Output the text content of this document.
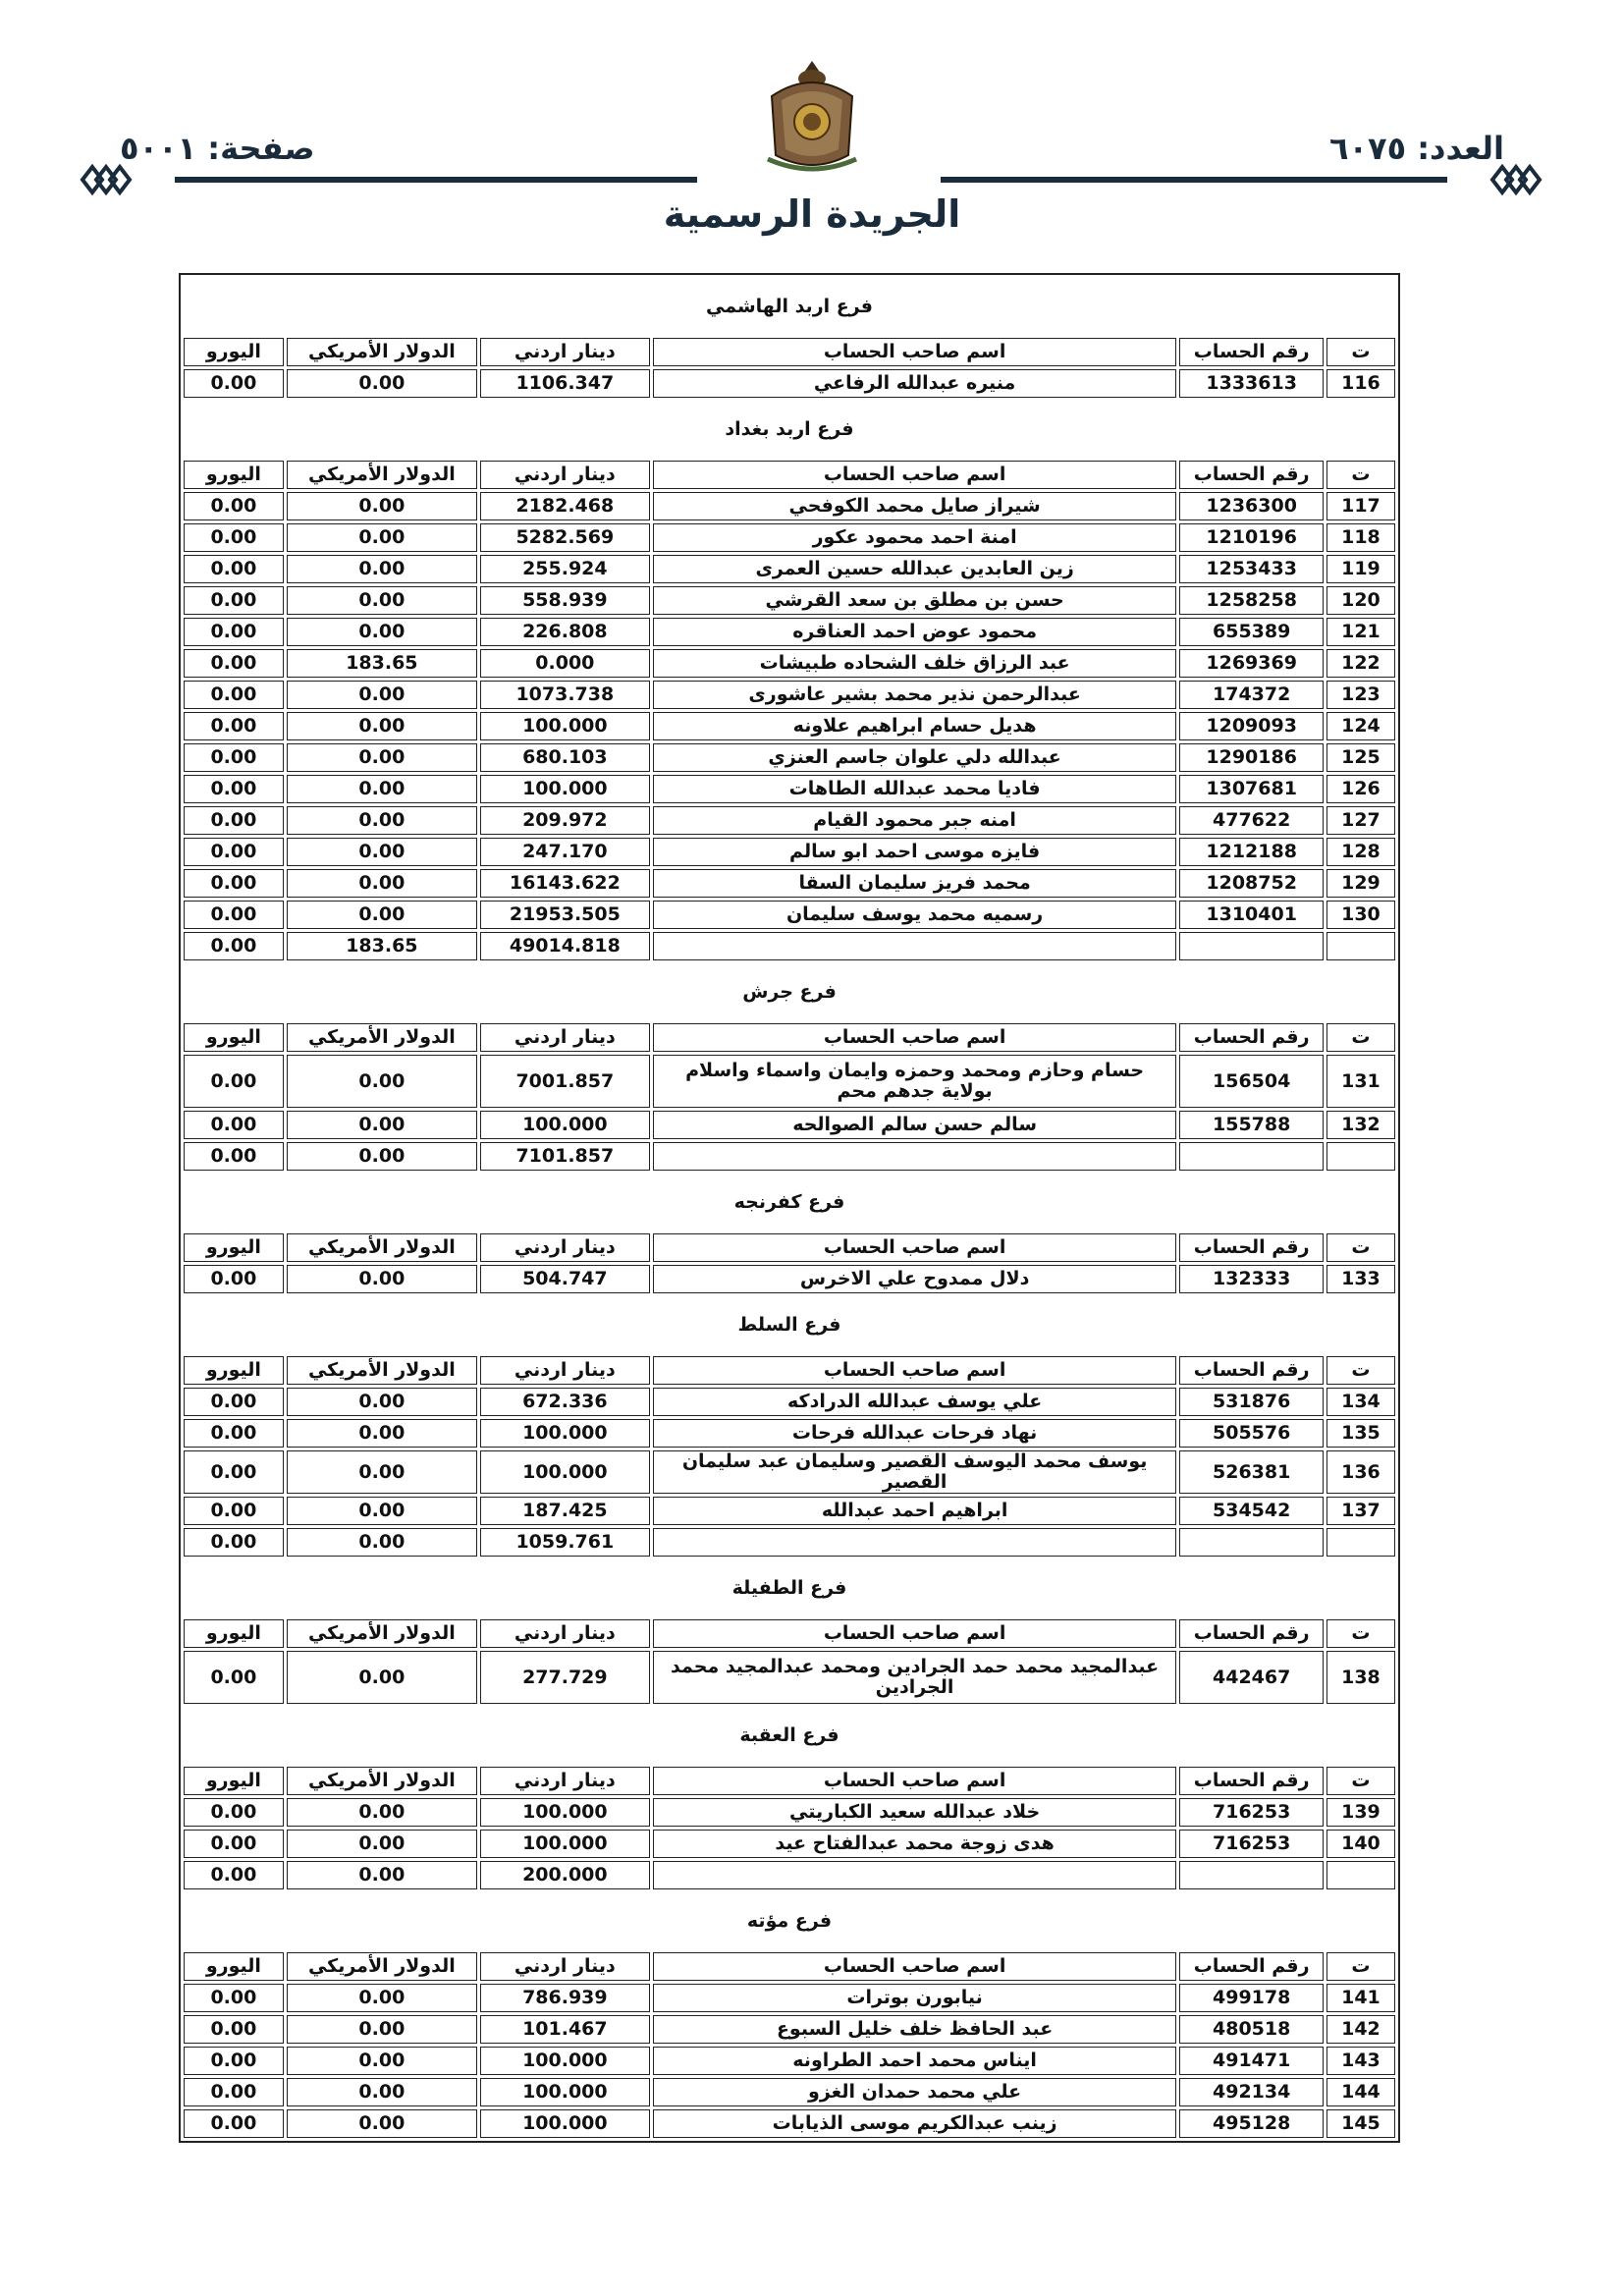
العدد: ٦٠٧٥
صفحة: ٥٠٠١
الجريدة الرسمية
فرع اربد الهاشمي					
ت	رقم الحساب	اسم صاحب الحساب	دينار اردني	الدولار الأمريكي	اليورو
116	1333613	منيره عبدالله الرفاعي	1106.347	0.00	0.00
فرع اربد بغداد					
ت	رقم الحساب	اسم صاحب الحساب	دينار اردني	الدولار الأمريكي	اليورو
117	1236300	شيراز صايل محمد الكوفحي	2182.468	0.00	0.00
118	1210196	امنة احمد محمود عكور	5282.569	0.00	0.00
119	1253433	زين العابدين عبدالله حسين العمرى	255.924	0.00	0.00
120	1258258	حسن بن مطلق بن سعد القرشي	558.939	0.00	0.00
121	655389	محمود عوض احمد العناقره	226.808	0.00	0.00
122	1269369	عبد الرزاق خلف الشحاده طبيشات	0.000	183.65	0.00
123	174372	عبدالرحمن نذير محمد بشير عاشورى	1073.738	0.00	0.00
124	1209093	هديل حسام ابراهيم علاونه	100.000	0.00	0.00
125	1290186	عبدالله دلي علوان جاسم العنزي	680.103	0.00	0.00
126	1307681	فاديا محمد عبدالله الطاهات	100.000	0.00	0.00
127	477622	امنه جبر محمود القيام	209.972	0.00	0.00
128	1212188	فايزه موسى احمد ابو سالم	247.170	0.00	0.00
129	1208752	محمد فريز سليمان السقا	16143.622	0.00	0.00
130	1310401	رسميه محمد يوسف سليمان	21953.505	0.00	0.00
			49014.818	183.65	0.00
فرع جرش					
ت	رقم الحساب	اسم صاحب الحساب	دينار اردني	الدولار الأمريكي	اليورو
131	156504	حسام وحازم ومحمد وحمزه وايمان واسماء واسلام بولاية جدهم محم	7001.857	0.00	0.00
132	155788	سالم حسن سالم الصوالحه	100.000	0.00	0.00
			7101.857	0.00	0.00
فرع كفرنجه					
ت	رقم الحساب	اسم صاحب الحساب	دينار اردني	الدولار الأمريكي	اليورو
133	132333	دلال ممدوح علي الاخرس	504.747	0.00	0.00
فرع السلط					
ت	رقم الحساب	اسم صاحب الحساب	دينار اردني	الدولار الأمريكي	اليورو
134	531876	علي يوسف عبدالله الدرادكه	672.336	0.00	0.00
135	505576	نهاد فرحات عبدالله فرحات	100.000	0.00	0.00
136	526381	يوسف محمد اليوسف القصير وسليمان عبد سليمان القصير	100.000	0.00	0.00
137	534542	ابراهيم احمد عبدالله	187.425	0.00	0.00
			1059.761	0.00	0.00
فرع الطفيلة					
ت	رقم الحساب	اسم صاحب الحساب	دينار اردني	الدولار الأمريكي	اليورو
138	442467	عبدالمجيد محمد حمد الجرادين ومحمد عبدالمجيد محمد الجرادين	277.729	0.00	0.00
فرع العقبة					
ت	رقم الحساب	اسم صاحب الحساب	دينار اردني	الدولار الأمريكي	اليورو
139	716253	خلاد عبدالله سعيد الكباريتي	100.000	0.00	0.00
140	716253	هدى زوجة محمد عبدالفتاح عيد	100.000	0.00	0.00
			200.000	0.00	0.00
فرع مؤته					
ت	رقم الحساب	اسم صاحب الحساب	دينار اردني	الدولار الأمريكي	اليورو
141	499178	نيابورن بوترات	786.939	0.00	0.00
142	480518	عبد الحافظ خلف خليل السبوع	101.467	0.00	0.00
143	491471	ايناس محمد احمد الطراونه	100.000	0.00	0.00
144	492134	علي محمد حمدان الغزو	100.000	0.00	0.00
145	495128	زينب عبدالكريم موسى الذيابات	100.000	0.00	0.00
